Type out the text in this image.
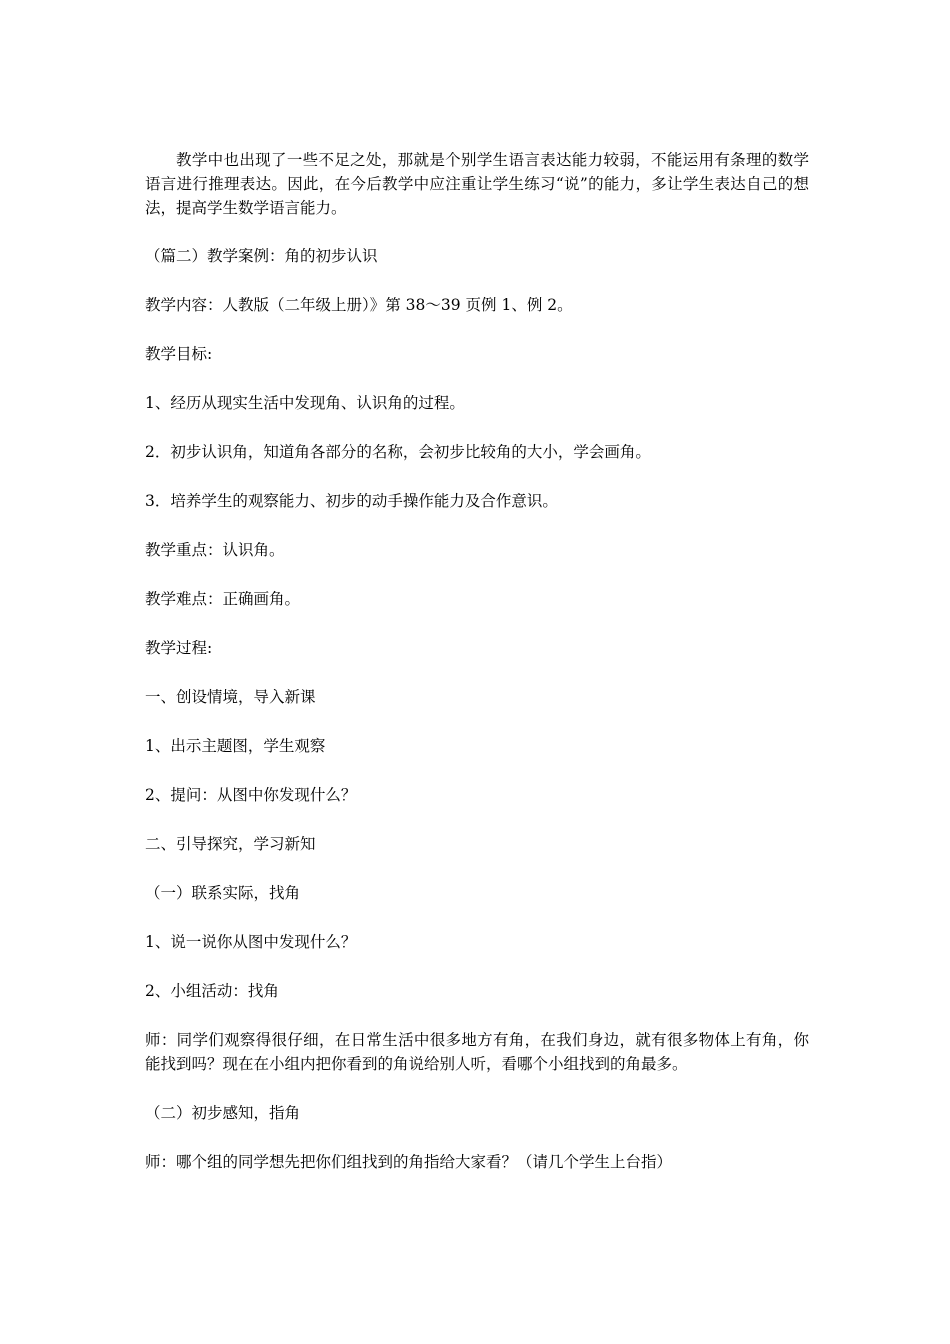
教学中也出现了一些不足之处，那就是个别学生语言表达能力较弱，不能运用有条理的数学语言进行推理表达。因此，在今后教学中应注重让学生练习“说”的能力，多让学生表达自己的想法，提高学生数学语言能力。

（篇二）教学案例：角的初步认识

教学内容：人教版（二年级上册）》第 38～39 页例 1、例 2。

教学目标:

1、经历从现实生活中发现角、认识角的过程。

2．初步认识角，知道角各部分的名称，会初步比较角的大小，学会画角。

3．培养学生的观察能力、初步的动手操作能力及合作意识。

教学重点：认识角。

教学难点：正确画角。

教学过程:

一、创设情境，导入新课

1、出示主题图，学生观察

2、提问：从图中你发现什么？

二、引导探究，学习新知

（一）联系实际，找角

1、说一说你从图中发现什么？

2、小组活动：找角

师：同学们观察得很仔细，在日常生活中很多地方有角，在我们身边，就有很多物体上有角，你能找到吗？现在在小组内把你看到的角说给别人听，看哪个小组找到的角最多。

（二）初步感知，指角

师：哪个组的同学想先把你们组找到的角指给大家看？（请几个学生上台指）
